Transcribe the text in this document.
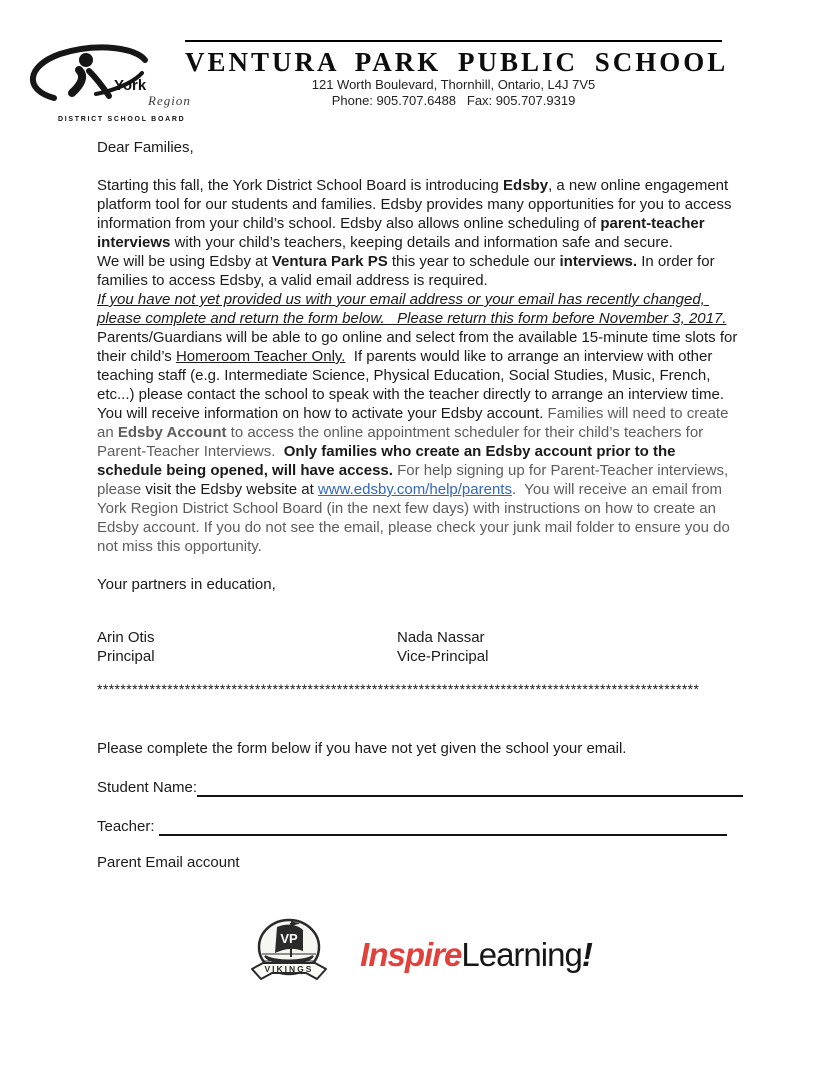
York
Region
DISTRICT SCHOOL BOARD
VENTURA PARK PUBLIC SCHOOL
121 Worth Boulevard, Thornhill, Ontario, L4J 7V5
Phone: 905.707.6488   Fax: 905.707.9319

Dear Families,

Starting this fall, the York District School Board is introducing Edsby, a new online engagement platform tool for our students and families. Edsby provides many opportunities for you to access information from your child’s school. Edsby also allows online scheduling of parent-teacher interviews with your child’s teachers, keeping details and information safe and secure.

We will be using Edsby at Ventura Park PS this year to schedule our interviews. In order for families to access Edsby, a valid email address is required.

If you have not yet provided us with your email address or your email has recently changed, please complete and return the form below.   Please return this form before November 3, 2017.

Parents/Guardians will be able to go online and select from the available 15-minute time slots for their child’s Homeroom Teacher Only.  If parents would like to arrange an interview with other teaching staff (e.g. Intermediate Science, Physical Education, Social Studies, Music, French, etc...) please contact the school to speak with the teacher directly to arrange an interview time.

You will receive information on how to activate your Edsby account. Families will need to create an Edsby Account to access the online appointment scheduler for their child’s teachers for Parent-Teacher Interviews.  Only families who create an Edsby account prior to the schedule being opened, will have access. For help signing up for Parent-Teacher interviews, please visit the Edsby website at www.edsby.com/help/parents.  You will receive an email from York Region District School Board (in the next few days) with instructions on how to create an Edsby account. If you do not see the email, please check your junk mail folder to ensure you do not miss this opportunity.

Your partners in education,

Arin Otis
Principal
Nada Nassar
Vice-Principal
*******************************************************************************************************

Please complete the form below if you have not yet given the school your email.

Student Name:
Teacher:

Parent Email account

VP
VIKINGS InspireLearning!
